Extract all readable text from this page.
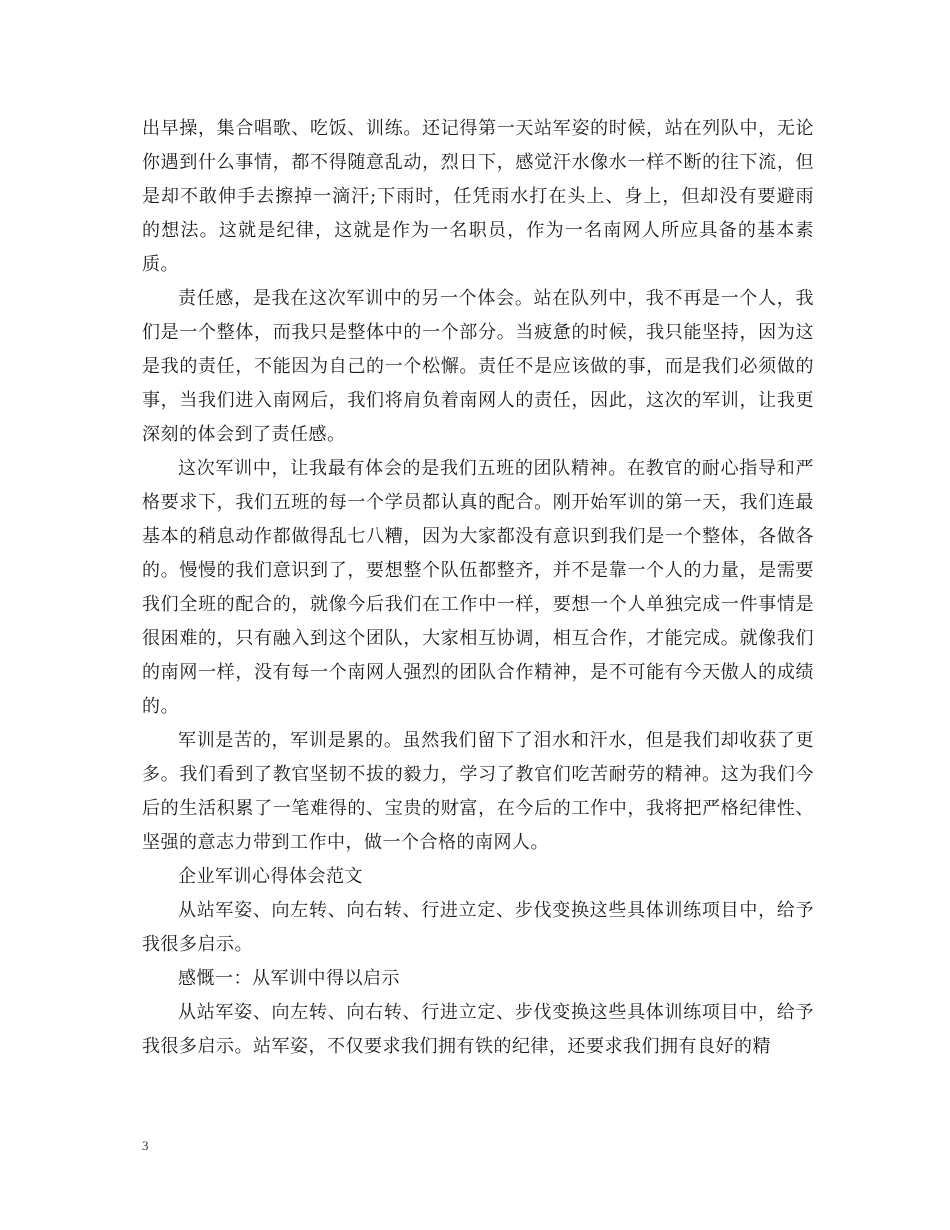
出早操，集合唱歌、吃饭、训练。还记得第一天站军姿的时候，站在列队中，无论你遇到什么事情，都不得随意乱动，烈日下，感觉汗水像水一样不断的往下流，但是却不敢伸手去擦掉一滴汗;下雨时，任凭雨水打在头上、身上，但却没有要避雨的想法。这就是纪律，这就是作为一名职员，作为一名南网人所应具备的基本素质。

责任感，是我在这次军训中的另一个体会。站在队列中，我不再是一个人，我们是一个整体，而我只是整体中的一个部分。当疲惫的时候，我只能坚持，因为这是我的责任，不能因为自己的一个松懈。责任不是应该做的事，而是我们必须做的事，当我们进入南网后，我们将肩负着南网人的责任，因此，这次的军训，让我更深刻的体会到了责任感。

这次军训中，让我最有体会的是我们五班的团队精神。在教官的耐心指导和严格要求下，我们五班的每一个学员都认真的配合。刚开始军训的第一天，我们连最基本的稍息动作都做得乱七八糟，因为大家都没有意识到我们是一个整体，各做各的。慢慢的我们意识到了，要想整个队伍都整齐，并不是靠一个人的力量，是需要我们全班的配合的，就像今后我们在工作中一样，要想一个人单独完成一件事情是很困难的，只有融入到这个团队，大家相互协调，相互合作，才能完成。就像我们的南网一样，没有每一个南网人强烈的团队合作精神，是不可能有今天傲人的成绩的。

军训是苦的，军训是累的。虽然我们留下了泪水和汗水，但是我们却收获了更多。我们看到了教官坚韧不拔的毅力，学习了教官们吃苦耐劳的精神。这为我们今后的生活积累了一笔难得的、宝贵的财富，在今后的工作中，我将把严格纪律性、坚强的意志力带到工作中，做一个合格的南网人。

企业军训心得体会范文

从站军姿、向左转、向右转、行进立定、步伐变换这些具体训练项目中，给予我很多启示。

感慨一：从军训中得以启示

从站军姿、向左转、向右转、行进立定、步伐变换这些具体训练项目中，给予我很多启示。站军姿，不仅要求我们拥有铁的纪律，还要求我们拥有良好的精

3
